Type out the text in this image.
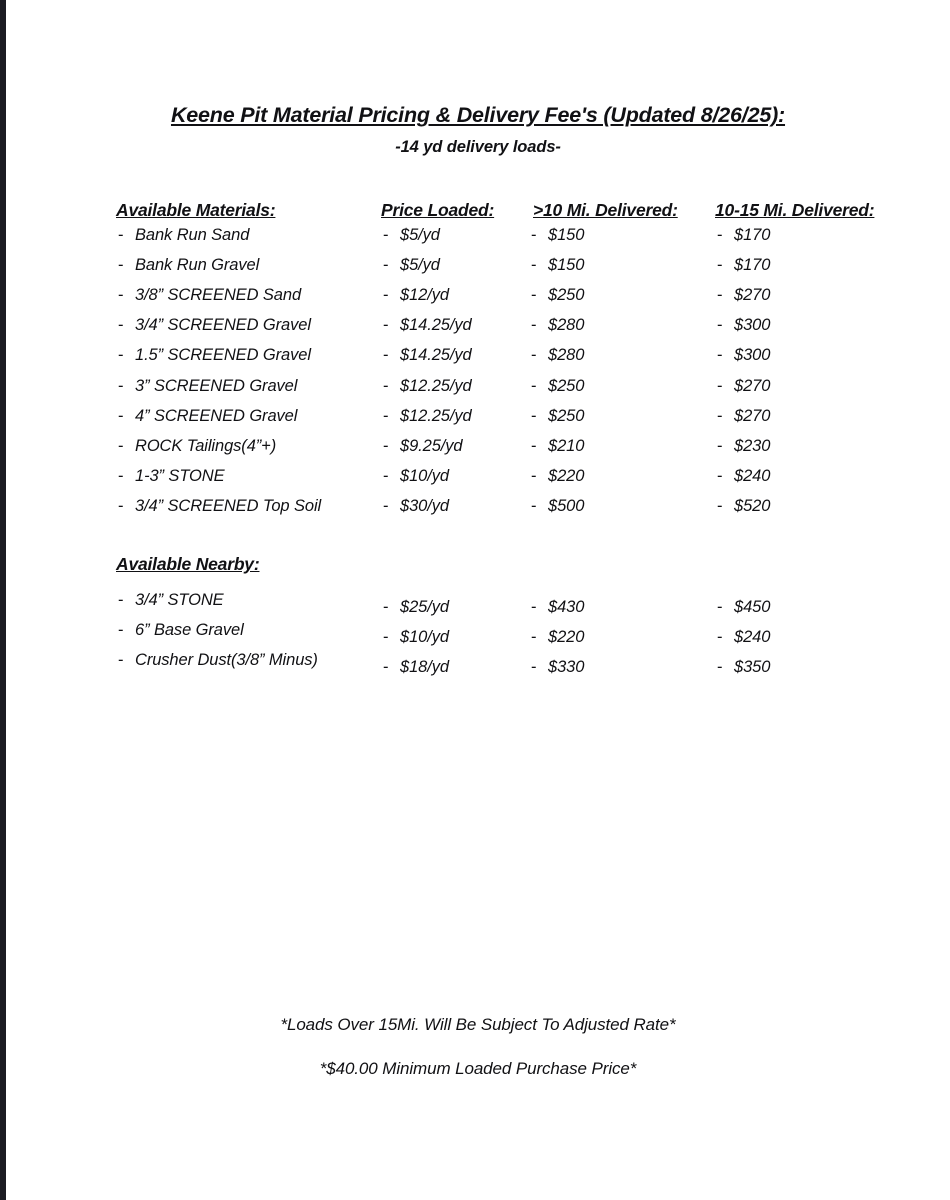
Keene Pit Material Pricing & Delivery Fee's (Updated 8/26/25):
-14 yd delivery loads-
Available Materials:	Price Loaded: >10 Mi. Delivered: 10-15 Mi. Delivered:
- Bank Run Sand	- $5/yd	- $150	- $170
- Bank Run Gravel	- $5/yd	- $150	- $170
- 3/8” SCREENED Sand	- $12/yd	- $250	- $270
- 3/4” SCREENED Gravel	- $14.25/yd	- $280	- $300
- 1.5” SCREENED Gravel	- $14.25/yd	- $280	- $300
- 3” SCREENED Gravel	- $12.25/yd	- $250	- $270
- 4” SCREENED Gravel	- $12.25/yd	- $250	- $270
- ROCK Tailings(4”+)	- $9.25/yd	- $210	- $230
- 1-3” STONE	- $10/yd	- $220	- $240
- 3/4” SCREENED Top Soil	- $30/yd	- $500	- $520
Available Nearby:
- 3/4” STONE	- $25/yd	- $430	- $450
- 6” Base Gravel	- $10/yd	- $220	- $240
- Crusher Dust(3/8” Minus)	- $18/yd	- $330	- $350
*Loads Over 15Mi. Will Be Subject To Adjusted Rate*
*$40.00 Minimum Loaded Purchase Price*
